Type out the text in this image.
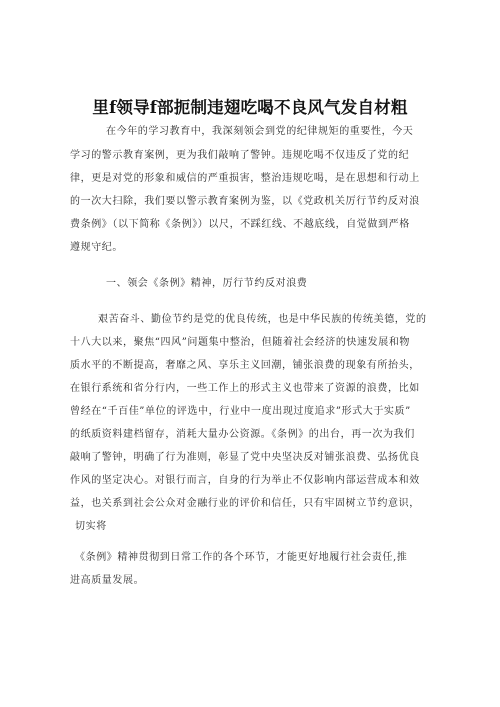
里f领导f部扼制违翅吃喝不良风气发自材粗
在今年的学习教育中，我深刻领会到党的纪律规矩的重要性，今天
学习的警示教育案例，更为我们敲响了警钟。违规吃喝不仅违反了党的纪
律，更是对党的形象和威信的严重损害，整治违规吃喝，是在思想和行动上
的一次大扫除，我们要以警示教育案例为鉴，以《党政机关厉行节约反对浪
费条例》（以下简称《条例》）以尺，不踩红线、不越底线，自觉做到严格
遵规守纪。
一、领会《条例》精神，厉行节约反对浪费
艰苦奋斗、勤俭节约是党的优良传统，也是中华民族的传统美德，党的
十八大以来，聚焦“四风”问题集中整治，但随着社会经济的快速发展和物
质水平的不断提高，奢靡之风、享乐主义回潮，铺张浪费的现象有所抬头，
在银行系统和省分行内，一些工作上的形式主义也带来了资源的浪费，比如
曾经在“千百佳”单位的评选中，行业中一度出现过度追求”形式大于实质”
的纸质资料建档留存，消耗大量办公资源。《条例》的出台，再一次为我们
敲响了警钟，明确了行为准则，彰显了党中央坚决反对铺张浪费、弘扬优良
作风的坚定决心。对银行而言，自身的行为举止不仅影响内部运营成本和效
益，也关系到社会公众对金融行业的评价和信任，只有牢固树立节约意识，
切实将
《条例》精神贯彻到日常工作的各个环节，才能更好地履行社会责任,推
进高质量发展。
